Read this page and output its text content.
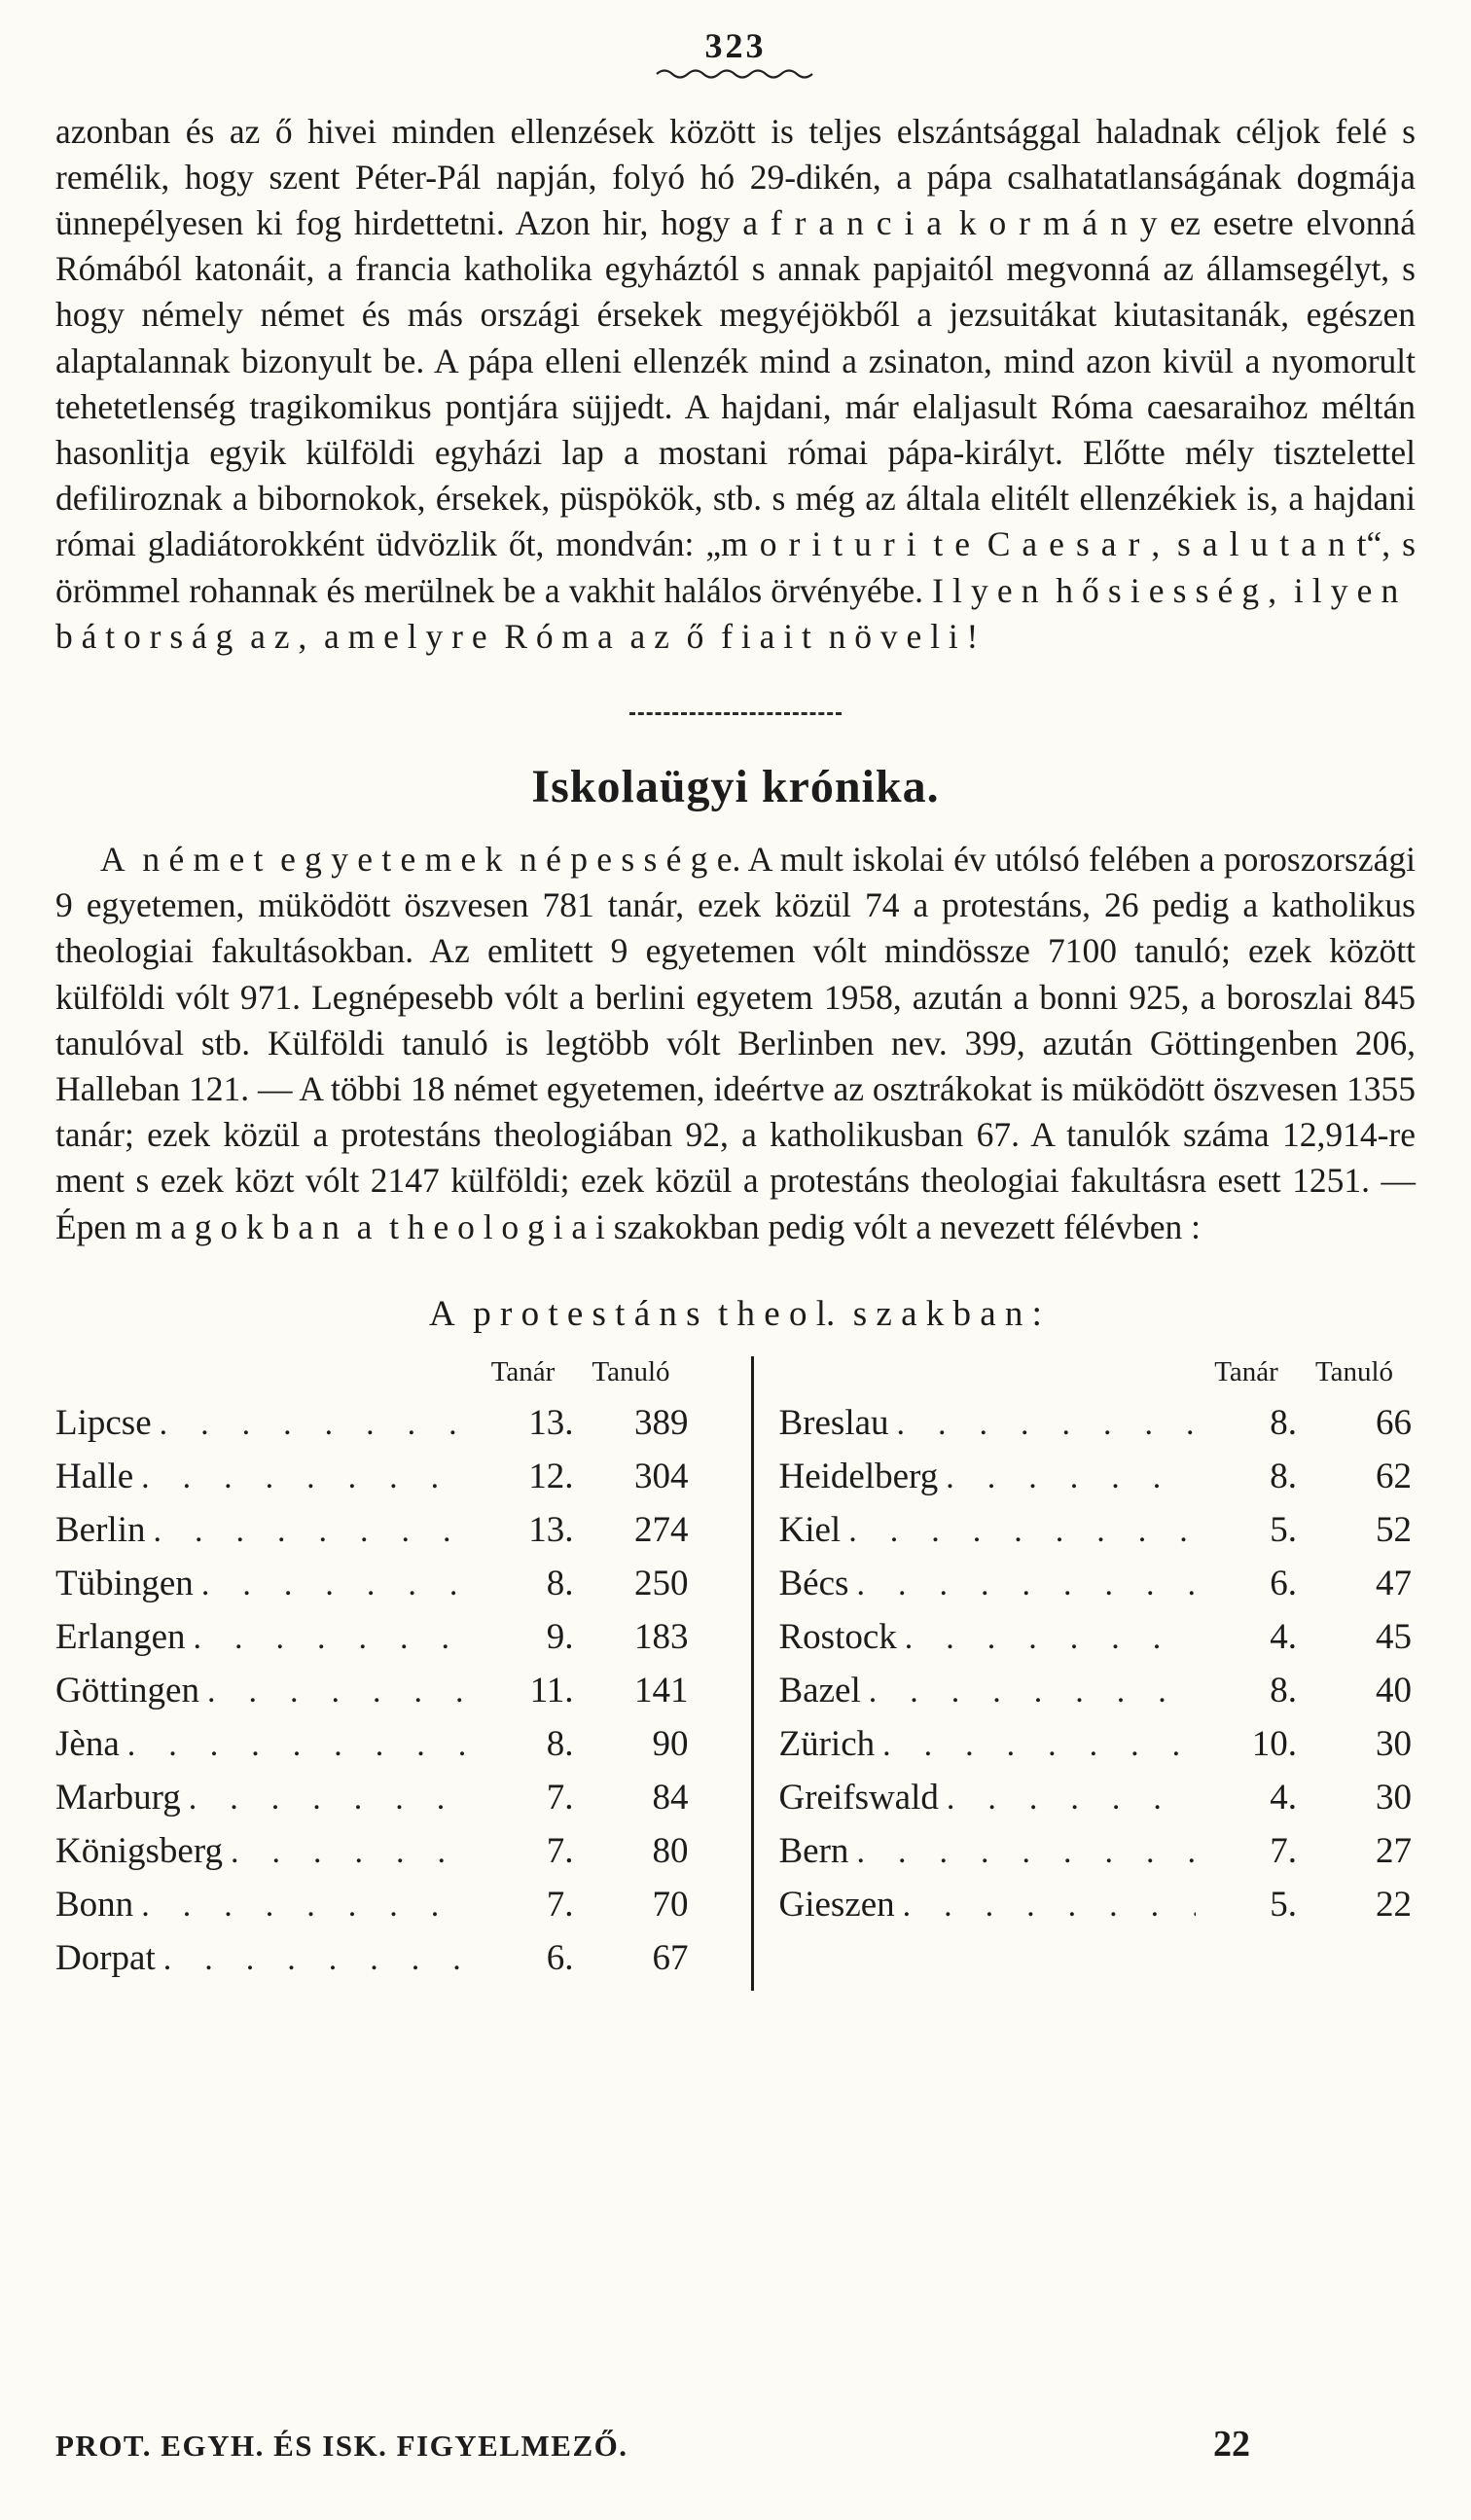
323

azonban és az ő hivei minden ellenzések között is teljes elszántsággal haladnak céljok felé s remélik, hogy szent Péter-Pál napján, folyó hó 29-dikén, a pápa csalhatatlanságának dogmája ünnepélyesen ki fog hirdettetni. Azon hir, hogy a f r a n c i a k o r m á n y ez esetre elvonná Rómából katonáit, a francia katholika egyháztól s annak papjaitól megvonná az államsegélyt, s hogy némely német és más országi érsekek megyéjökből a jezsuitákat kiutasitanák, egészen alaptalannak bizonyult be. A pápa elleni ellenzék mind a zsinaton, mind azon kivül a nyomorult tehetetlenség tragikomikus pontjára süjjedt. A hajdani, már elaljasult Róma caesaraihoz méltán hasonlitja egyik külföldi egyházi lap a mostani római pápa-királyt. Előtte mély tisztelettel defiliroznak a bibornokok, érsekek, püspökök, stb. s még az általa elitélt ellenzékiek is, a hajdani római gladiátorokként üdvözlik őt, mondván: „m o r i t u r i t e C a e s a r , s a l u t a n t“, s örömmel rohannak és merülnek be a vakhit halálos örvényébe. I l y e n h ő s i e s s é g , i l y e n b á t o r s á g a z , a m e l y r e R ó m a a z ő f i a i t n ö v e l i !

Iskolaügyi krónika.

A n é m e t e g y e t e m e k n é p e s s é g e. A mult iskolai év utólsó felében a poroszországi 9 egyetemen, müködött öszvesen 781 tanár, ezek közül 74 a protestáns, 26 pedig a katholikus theologiai fakultásokban. Az emlitett 9 egyetemen vólt mindössze 7100 tanuló; ezek között külföldi vólt 971. Legnépesebb vólt a berlini egyetem 1958, azután a bonni 925, a boroszlai 845 tanulóval stb. Külföldi tanuló is legtöbb vólt Berlinben nev. 399, azután Göttingenben 206, Halleban 121. — A többi 18 német egyetemen, ideértve az osztrákokat is müködött öszvesen 1355 tanár; ezek közül a protestáns theologiában 92, a katholikusban 67. A tanulók száma 12,914-re ment s ezek közt vólt 2147 külföldi; ezek közül a protestáns theologiai fakultásra esett 1251. — Épen m a g o k b a n a t h e o l o g i a i szakokban pedig vólt a nevezett félévben :

A p r o t e s t á n s t h e o l. s z a k b a n :
Tanár	Tanuló
Lipcse .....	13.	389
Halle .....	12.	304
Berlin .....	13.	274
Tübingen .....	8.	250
Erlangen .....	9.	183
Göttingen .....	11.	141
Jèna .....	8.	90
Marburg .....	7.	84
Königsberg .....	7.	80
Bonn .....	7.	70
Dorpat .....	6.	67
Tanár	Tanuló
Breslau .....	8.	66
Heidelberg .....	8.	62
Kiel .....	5.	52
Bécs .....	6.	47
Rostock .....	4.	45
Bazel .....	8.	40
Zürich .....	10.	30
Greifswald .....	4.	30
Bern .....	7.	27
Gieszen .....	5.	22
PROT. EGYH. ÉS ISK. FIGYELMEZŐ.	22
